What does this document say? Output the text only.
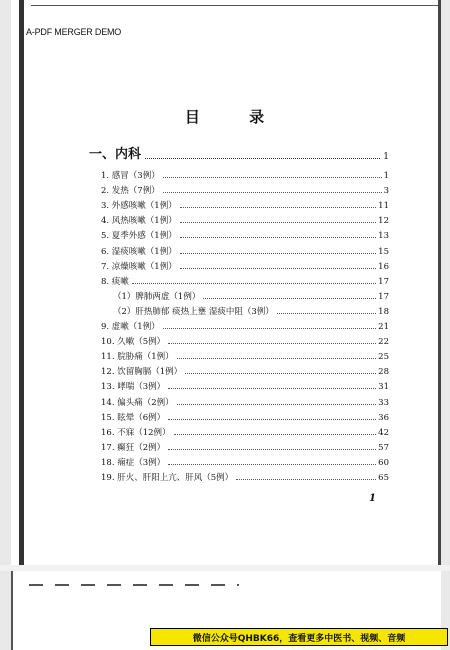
A-PDF MERGER DEMO
目 录
一、内科	1
1. 感冒（3例）	1
2. 发热（7例）	3
3. 外感咳嗽（1例）	11
4. 风热咳嗽（1例）	12
5. 夏季外感（1例）	13
6. 湿痰咳嗽（1例）	15
7. 凉燥咳嗽（1例）	16
8. 痰嗽	17
（1）脾肺两虚（1例）	17
（2）肝热肺郁 痰热上壅 湿痰中阻（3例）	18
9. 虚嗽（1例）	21
10. 久嗽（5例）	22
11. 脘胁痛（1例）	25
12. 饮留胸膈（1例）	28
13. 哮喘（3例）	31
14. 偏头痛（2例）	33
15. 眩晕（6例）	36
16. 不寐（12例）	42
17. 癫狂（2例）	57
18. 痫症（3例）	60
19. 肝火、肝阳上亢、肝风（5例）	65
1
微信公众号QHBK66，查看更多中医书、视频、音频
